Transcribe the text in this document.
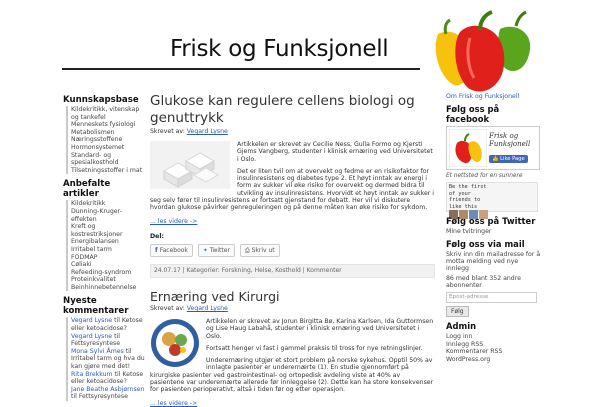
Frisk og Funksjonell
Kunnskapsbase
Kildekritikk, vitenskap og tankefel
Menneskets fysiologi
Metabolismen
Næringsstoffene
Hormonsystemet
Standard- og spesialkosthold
Tilsetningsstoffer i mat
Anbefalte artikler
Kildekritikk
Dunning-Kruger-effekten
Kreft og kostrestriksjoner
Energibalansen
Irritabel tarm
FODMAP
Cøliaki
Refeeding-syndrom
Proteinkvalitet
Beinhinnebetennelse
Nyeste kommentarer
Vegard Lysne til Ketose eller ketoacidose?
Vegard Lysne til Fettsyresyntese
Mona Sylvi Åmes til Irritabel tarm og hva du kan gjøre med det!
Rita Brekkum til Ketose eller ketoacidose?
Jane Beathe Asbjørnsen til Fettsyresyntese
Glukose kan regulere cellens biologi og genuttrykk
Skrevet av: Vegard Lysne
Artikkelen er skrevet av Cecilie Ness, Gulla Formo og Kjersti Gjems Vangberg, studenter i klinisk ernæring ved Universitetet i Oslo.
Det er liten tvil om at overvekt og fedme er en risikofaktor for insulinresistens og diabetes type 2. Et høyt inntak av energi i form av sukker vil øke risiko for overvekt og dermed bidra til utvikling av insulinresistens. Hvorvidt et høyt inntak av sukker i seg selv fører til insulinresistens er fortsatt gjenstand for debatt. Her vil vi diskutere hvordan glukose påvirker genreguleringen og på denne måten kan øke risiko for sykdom.
... les videre ->
Del:
f Facebook ✦ Twitter ⎙ Skriv ut
24.07.17 | Kategorier: Forskning, Helse, Kosthold | Kommenter
Ernæring ved Kirurgi
Skrevet av: Vegard Lysne
Artikkelen er skrevet av Jorun Birgitta Bø, Karina Karlsen, Ida Guttormsen og Lise Haug Labahå, studenter i klinisk ernæring ved Universitetet i Oslo.
Fortsatt henger vi fast i gammel praksis til tross for nye retningslinjer.
Underernæring utgjør et stort problem på norske sykehus. Opptil 50% av innlagte pasienter er underernærte (1). En studie gjennomført på kirurgiske pasienter ved gastrointestinal- og ortopedisk avdeling viste at 40% av pasientene var underernærte allerede før innleggelse (2). Dette kan ha store konsekvenser for pasienten perioperativt, altså i tiden før og etter operasjon.
... les videre ->
Om Frisk og Funksjonell
Følg oss på facebook
Frisk og Funksjonell
👍 Like Page
Et nettsted for en sunnere
Be the first of your friends to like this
Følg oss på Twitter
Mine tvitringer
Følg oss via mail
Skriv inn din mailadresse for å motta melding ved nye innlegg
86 med blant 352 andre abonnenter
Epost-adresse
Følg
Admin
Logg inn
Innlegg RSS
Kommentarer RSS
WordPress.org
